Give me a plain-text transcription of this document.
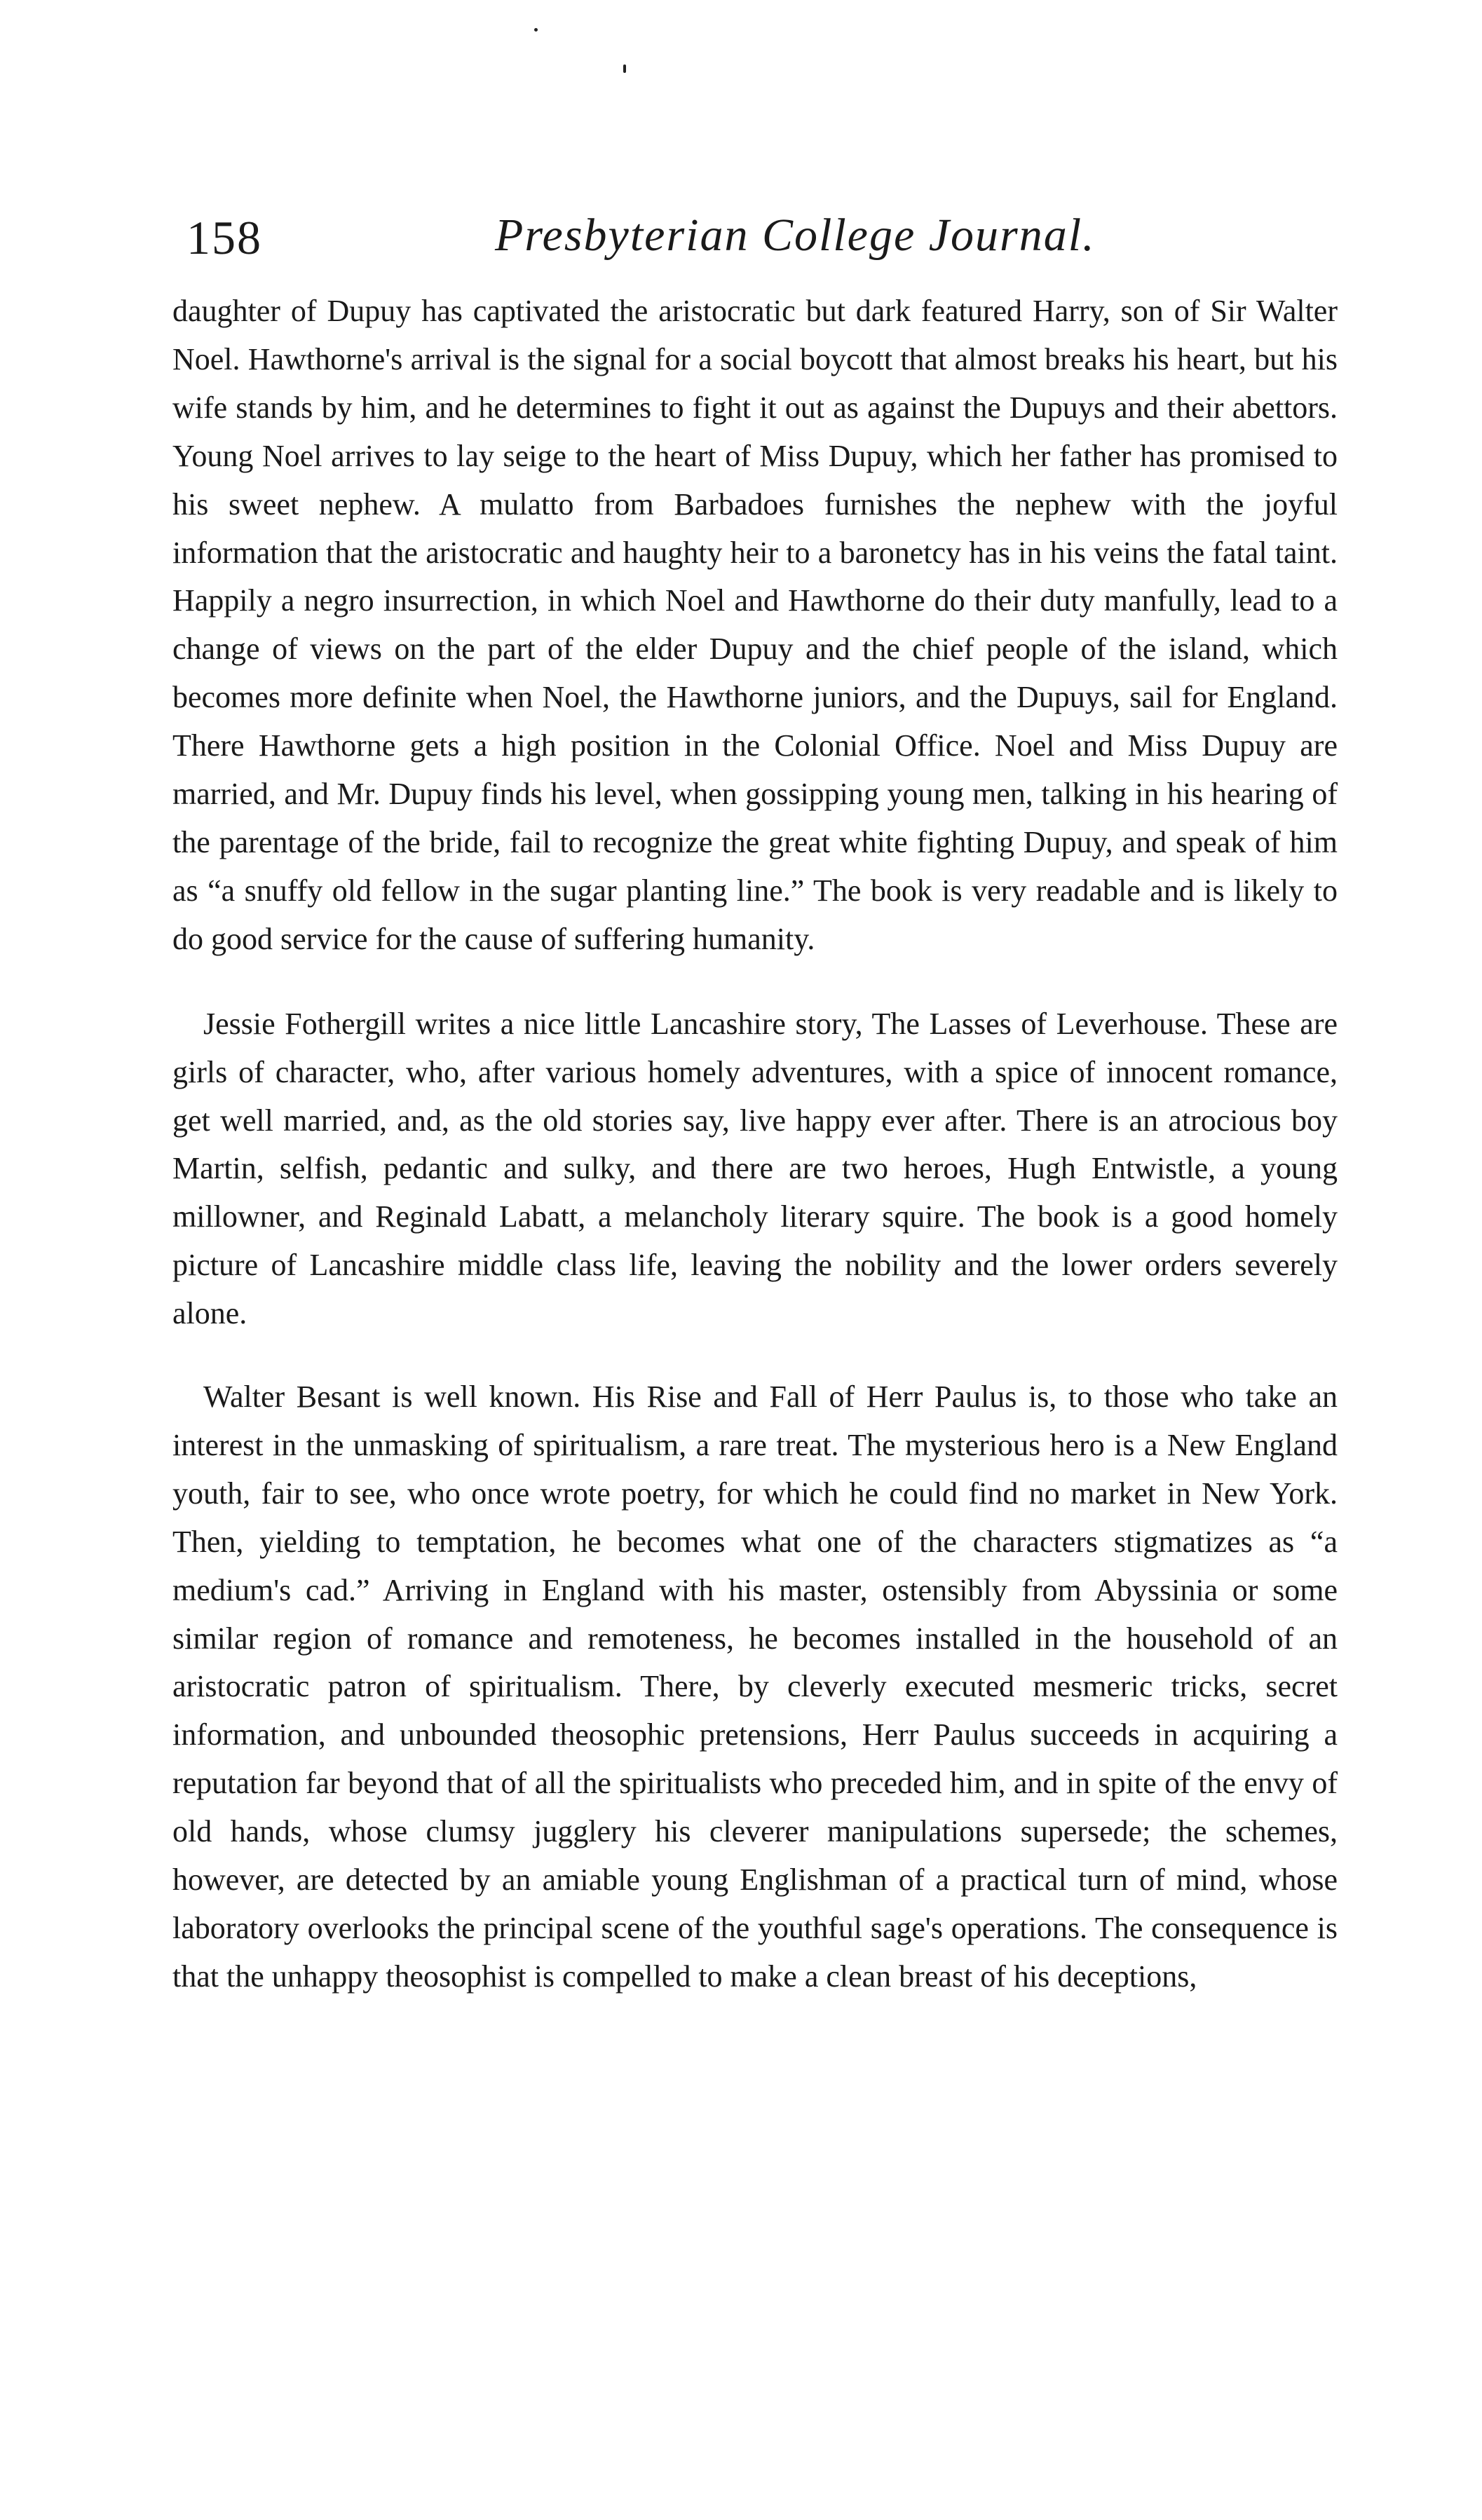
158	Presbyterian College Journal.

daughter of Dupuy has captivated the aristocratic but dark featured Harry, son of Sir Walter Noel. Hawthorne's arrival is the signal for a social boycott that almost breaks his heart, but his wife stands by him, and he determines to fight it out as against the Dupuys and their abettors. Young Noel arrives to lay seige to the heart of Miss Dupuy, which her father has promised to his sweet nephew. A mulatto from Barbadoes furnishes the nephew with the joyful information that the aristocratic and haughty heir to a baronetcy has in his veins the fatal taint. Happily a negro insurrection, in which Noel and Hawthorne do their duty manfully, lead to a change of views on the part of the elder Dupuy and the chief people of the island, which becomes more definite when Noel, the Hawthorne juniors, and the Dupuys, sail for England. There Hawthorne gets a high position in the Colonial Office. Noel and Miss Dupuy are married, and Mr. Dupuy finds his level, when gossipping young men, talking in his hearing of the parentage of the bride, fail to recognize the great white fighting Dupuy, and speak of him as “a snuffy old fellow in the sugar planting line.” The book is very readable and is likely to do good service for the cause of suffering humanity.

Jessie Fothergill writes a nice little Lancashire story, The Lasses of Leverhouse. These are girls of character, who, after various homely adventures, with a spice of innocent romance, get well married, and, as the old stories say, live happy ever after. There is an atrocious boy Martin, selfish, pedantic and sulky, and there are two heroes, Hugh Entwistle, a young millowner, and Reginald Labatt, a melancholy literary squire. The book is a good homely picture of Lancashire middle class life, leaving the nobility and the lower orders severely alone.

Walter Besant is well known. His Rise and Fall of Herr Paulus is, to those who take an interest in the unmasking of spiritualism, a rare treat. The mysterious hero is a New England youth, fair to see, who once wrote poetry, for which he could find no market in New York. Then, yielding to temptation, he becomes what one of the characters stigmatizes as “a medium's cad.” Arriving in England with his master, ostensibly from Abyssinia or some similar region of romance and remoteness, he becomes installed in the household of an aristocratic patron of spiritualism. There, by cleverly executed mesmeric tricks, secret information, and unbounded theosophic pretensions, Herr Paulus succeeds in acquiring a reputation far beyond that of all the spiritualists who preceded him, and in spite of the envy of old hands, whose clumsy jugglery his cleverer manipulations supersede; the schemes, however, are detected by an amiable young Englishman of a practical turn of mind, whose laboratory overlooks the principal scene of the youthful sage's operations. The consequence is that the unhappy theosophist is compelled to make a clean breast of his deceptions,
